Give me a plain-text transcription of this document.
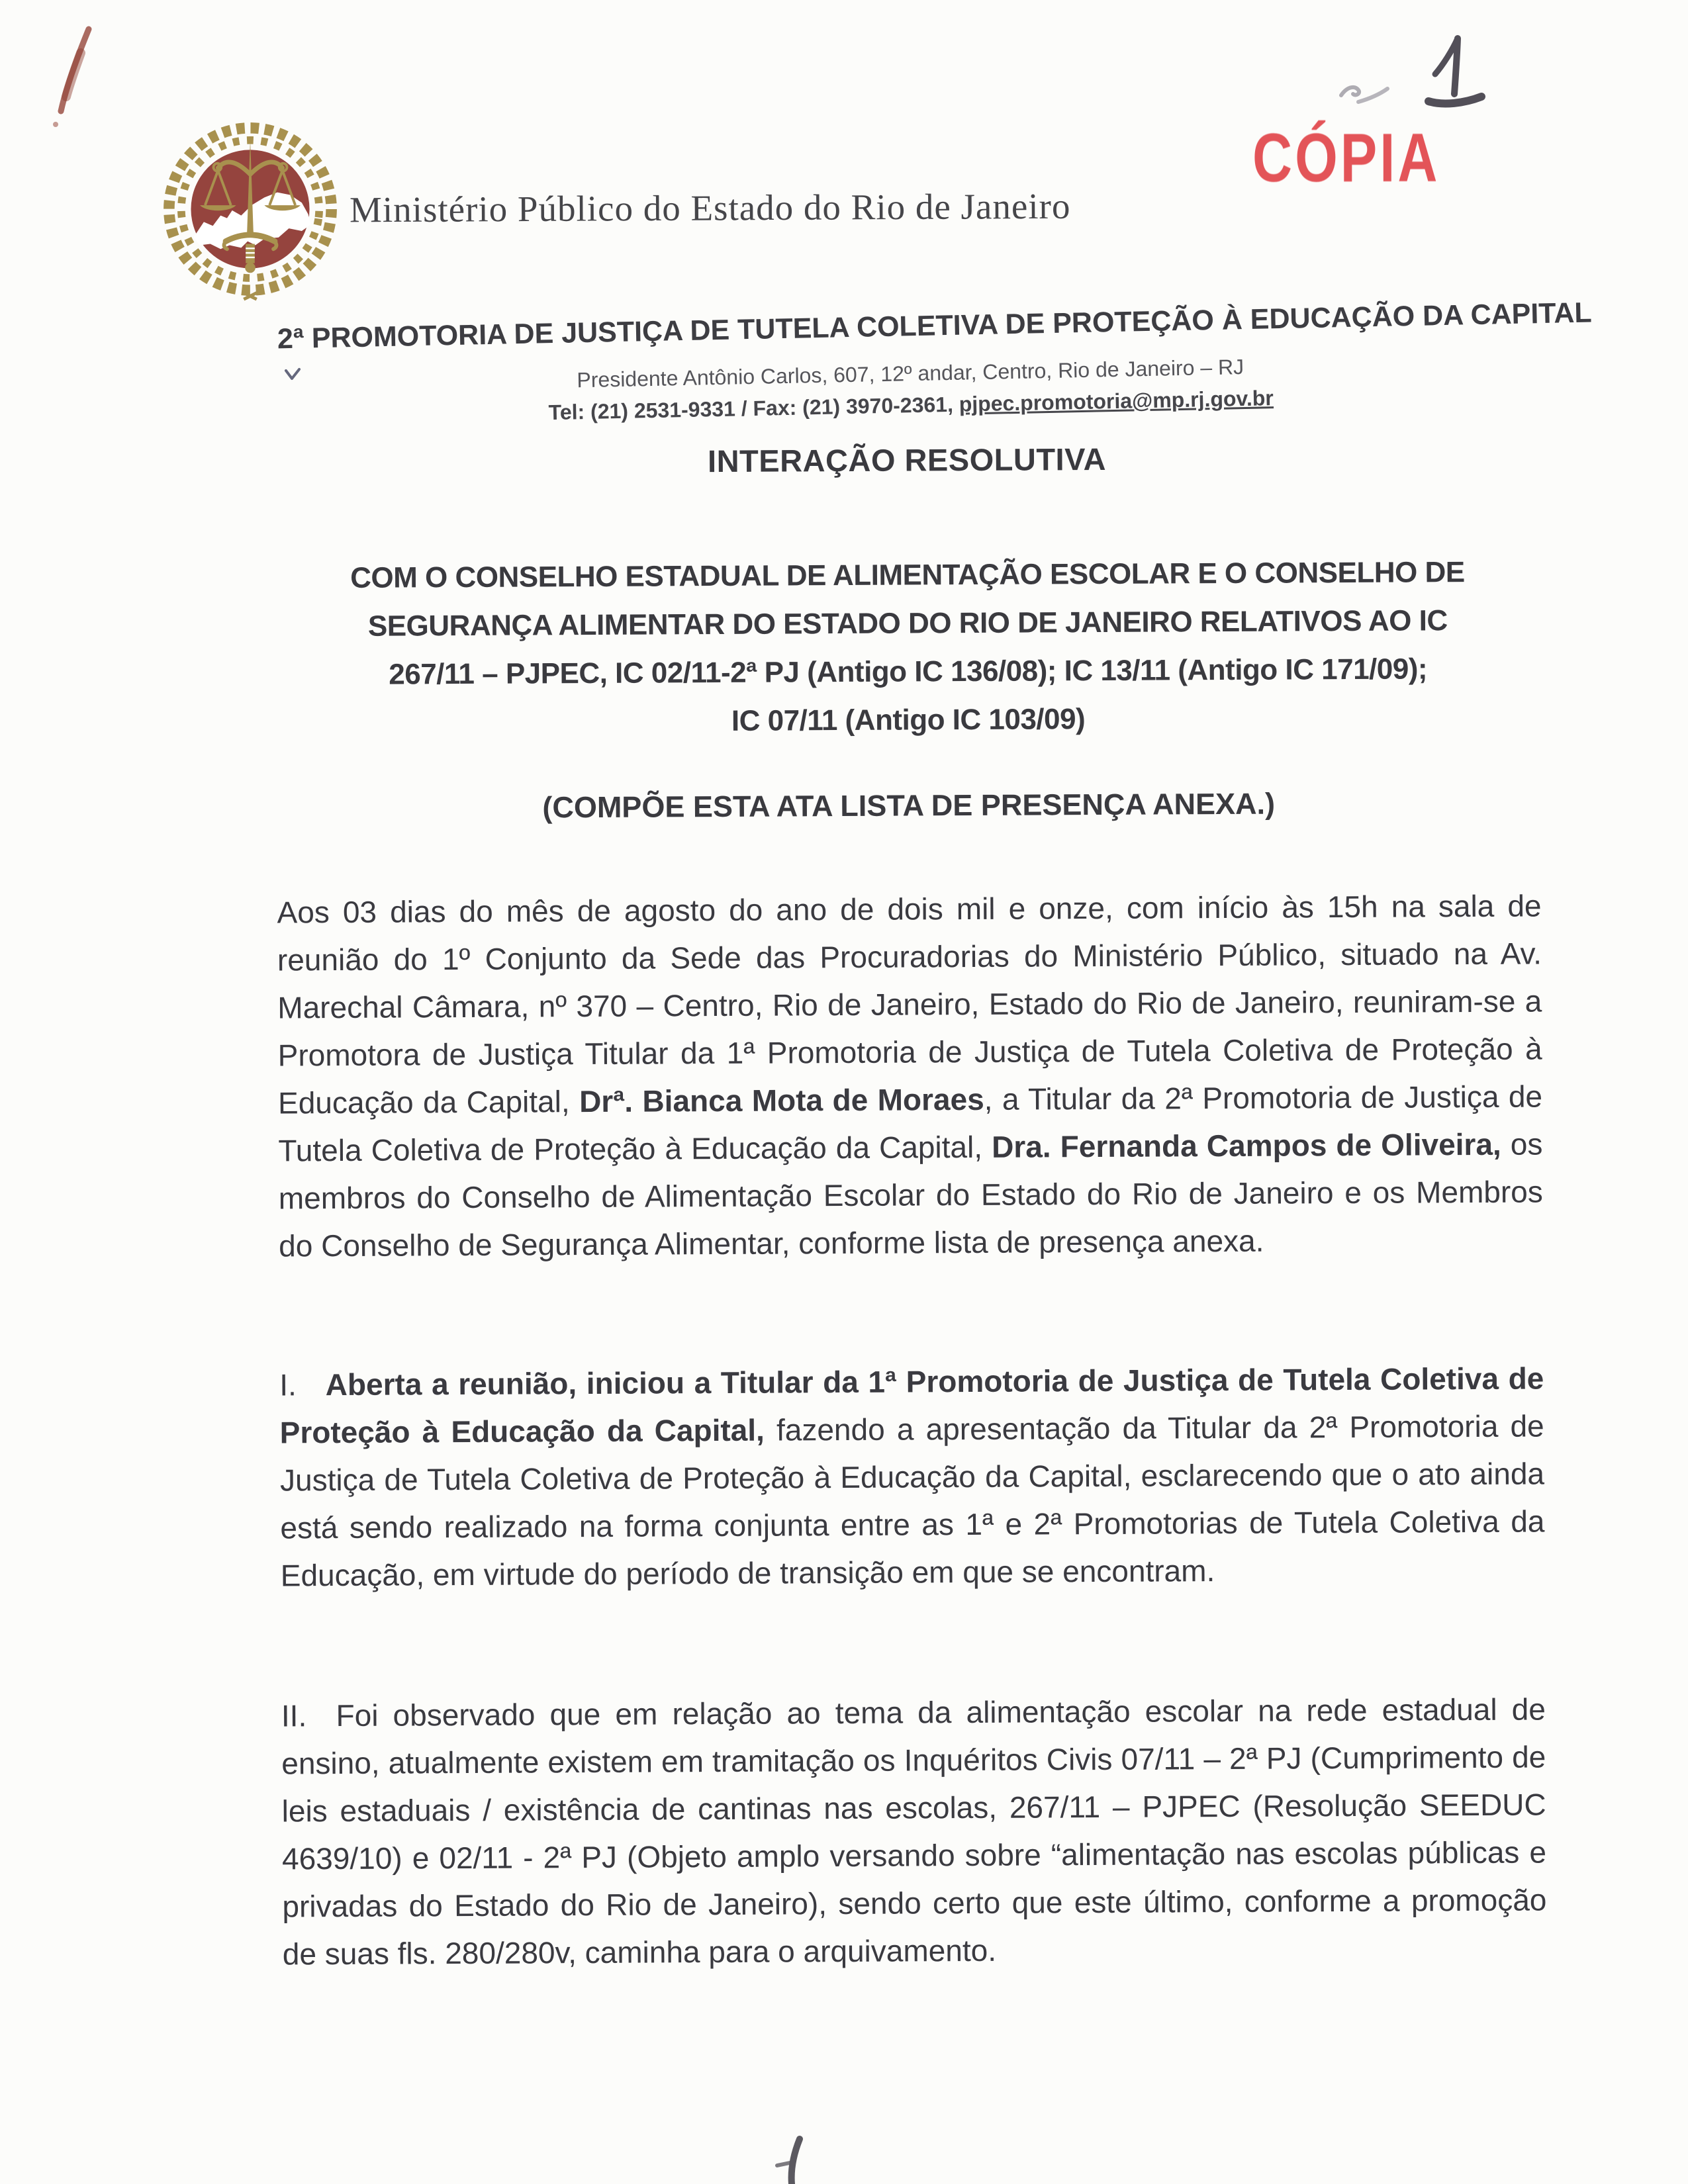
Ministério Público do Estado do Rio de Janeiro
CÓPIA
2ª PROMOTORIA DE JUSTIÇA DE TUTELA COLETIVA DE PROTEÇÃO À EDUCAÇÃO DA CAPITAL
Presidente Antônio Carlos, 607, 12º andar, Centro, Rio de Janeiro – RJ
Tel: (21) 2531-9331 / Fax: (21) 3970-2361, pjpec.promotoria@mp.rj.gov.br
INTERAÇÃO RESOLUTIVA
COM O CONSELHO ESTADUAL DE ALIMENTAÇÃO ESCOLAR E O CONSELHO DE
SEGURANÇA ALIMENTAR DO ESTADO DO RIO DE JANEIRO RELATIVOS AO IC
267/11 – PJPEC, IC 02/11-2ª PJ (Antigo IC 136/08); IC 13/11 (Antigo IC 171/09);
IC 07/11 (Antigo IC 103/09)
(COMPÕE ESTA ATA LISTA DE PRESENÇA ANEXA.)
Aos 03 dias do mês de agosto do ano de dois mil e onze, com início às 15h na sala de reunião do 1º Conjunto da Sede das Procuradorias do Ministério Público, situado na Av. Marechal Câmara, nº 370 – Centro, Rio de Janeiro, Estado do Rio de Janeiro, reuniram-se a Promotora de Justiça Titular da 1ª Promotoria de Justiça de Tutela Coletiva de Proteção à Educação da Capital, Drª. Bianca Mota de Moraes, a Titular da 2ª Promotoria de Justiça de Tutela Coletiva de Proteção à Educação da Capital, Dra. Fernanda Campos de Oliveira, os membros do Conselho de Alimentação Escolar do Estado do Rio de Janeiro e os Membros do Conselho de Segurança Alimentar, conforme lista de presença anexa.
I.   Aberta a reunião, iniciou a Titular da 1ª Promotoria de Justiça de Tutela Coletiva de Proteção à Educação da Capital, fazendo a apresentação da Titular da 2ª Promotoria de Justiça de Tutela Coletiva de Proteção à Educação da Capital, esclarecendo que o ato ainda está sendo realizado na forma conjunta entre as 1ª e 2ª Promotorias de Tutela Coletiva da Educação, em virtude do período de transição em que se encontram.
II.  Foi observado que em relação ao tema da alimentação escolar na rede estadual de ensino, atualmente existem em tramitação os Inquéritos Civis 07/11 – 2ª PJ (Cumprimento de leis estaduais / existência de cantinas nas escolas, 267/11 – PJPEC (Resolução SEEDUC 4639/10) e 02/11 - 2ª PJ (Objeto amplo versando sobre “alimentação nas escolas públicas e privadas do Estado do Rio de Janeiro), sendo certo que este último, conforme a promoção de suas fls. 280/280v, caminha para o arquivamento.
